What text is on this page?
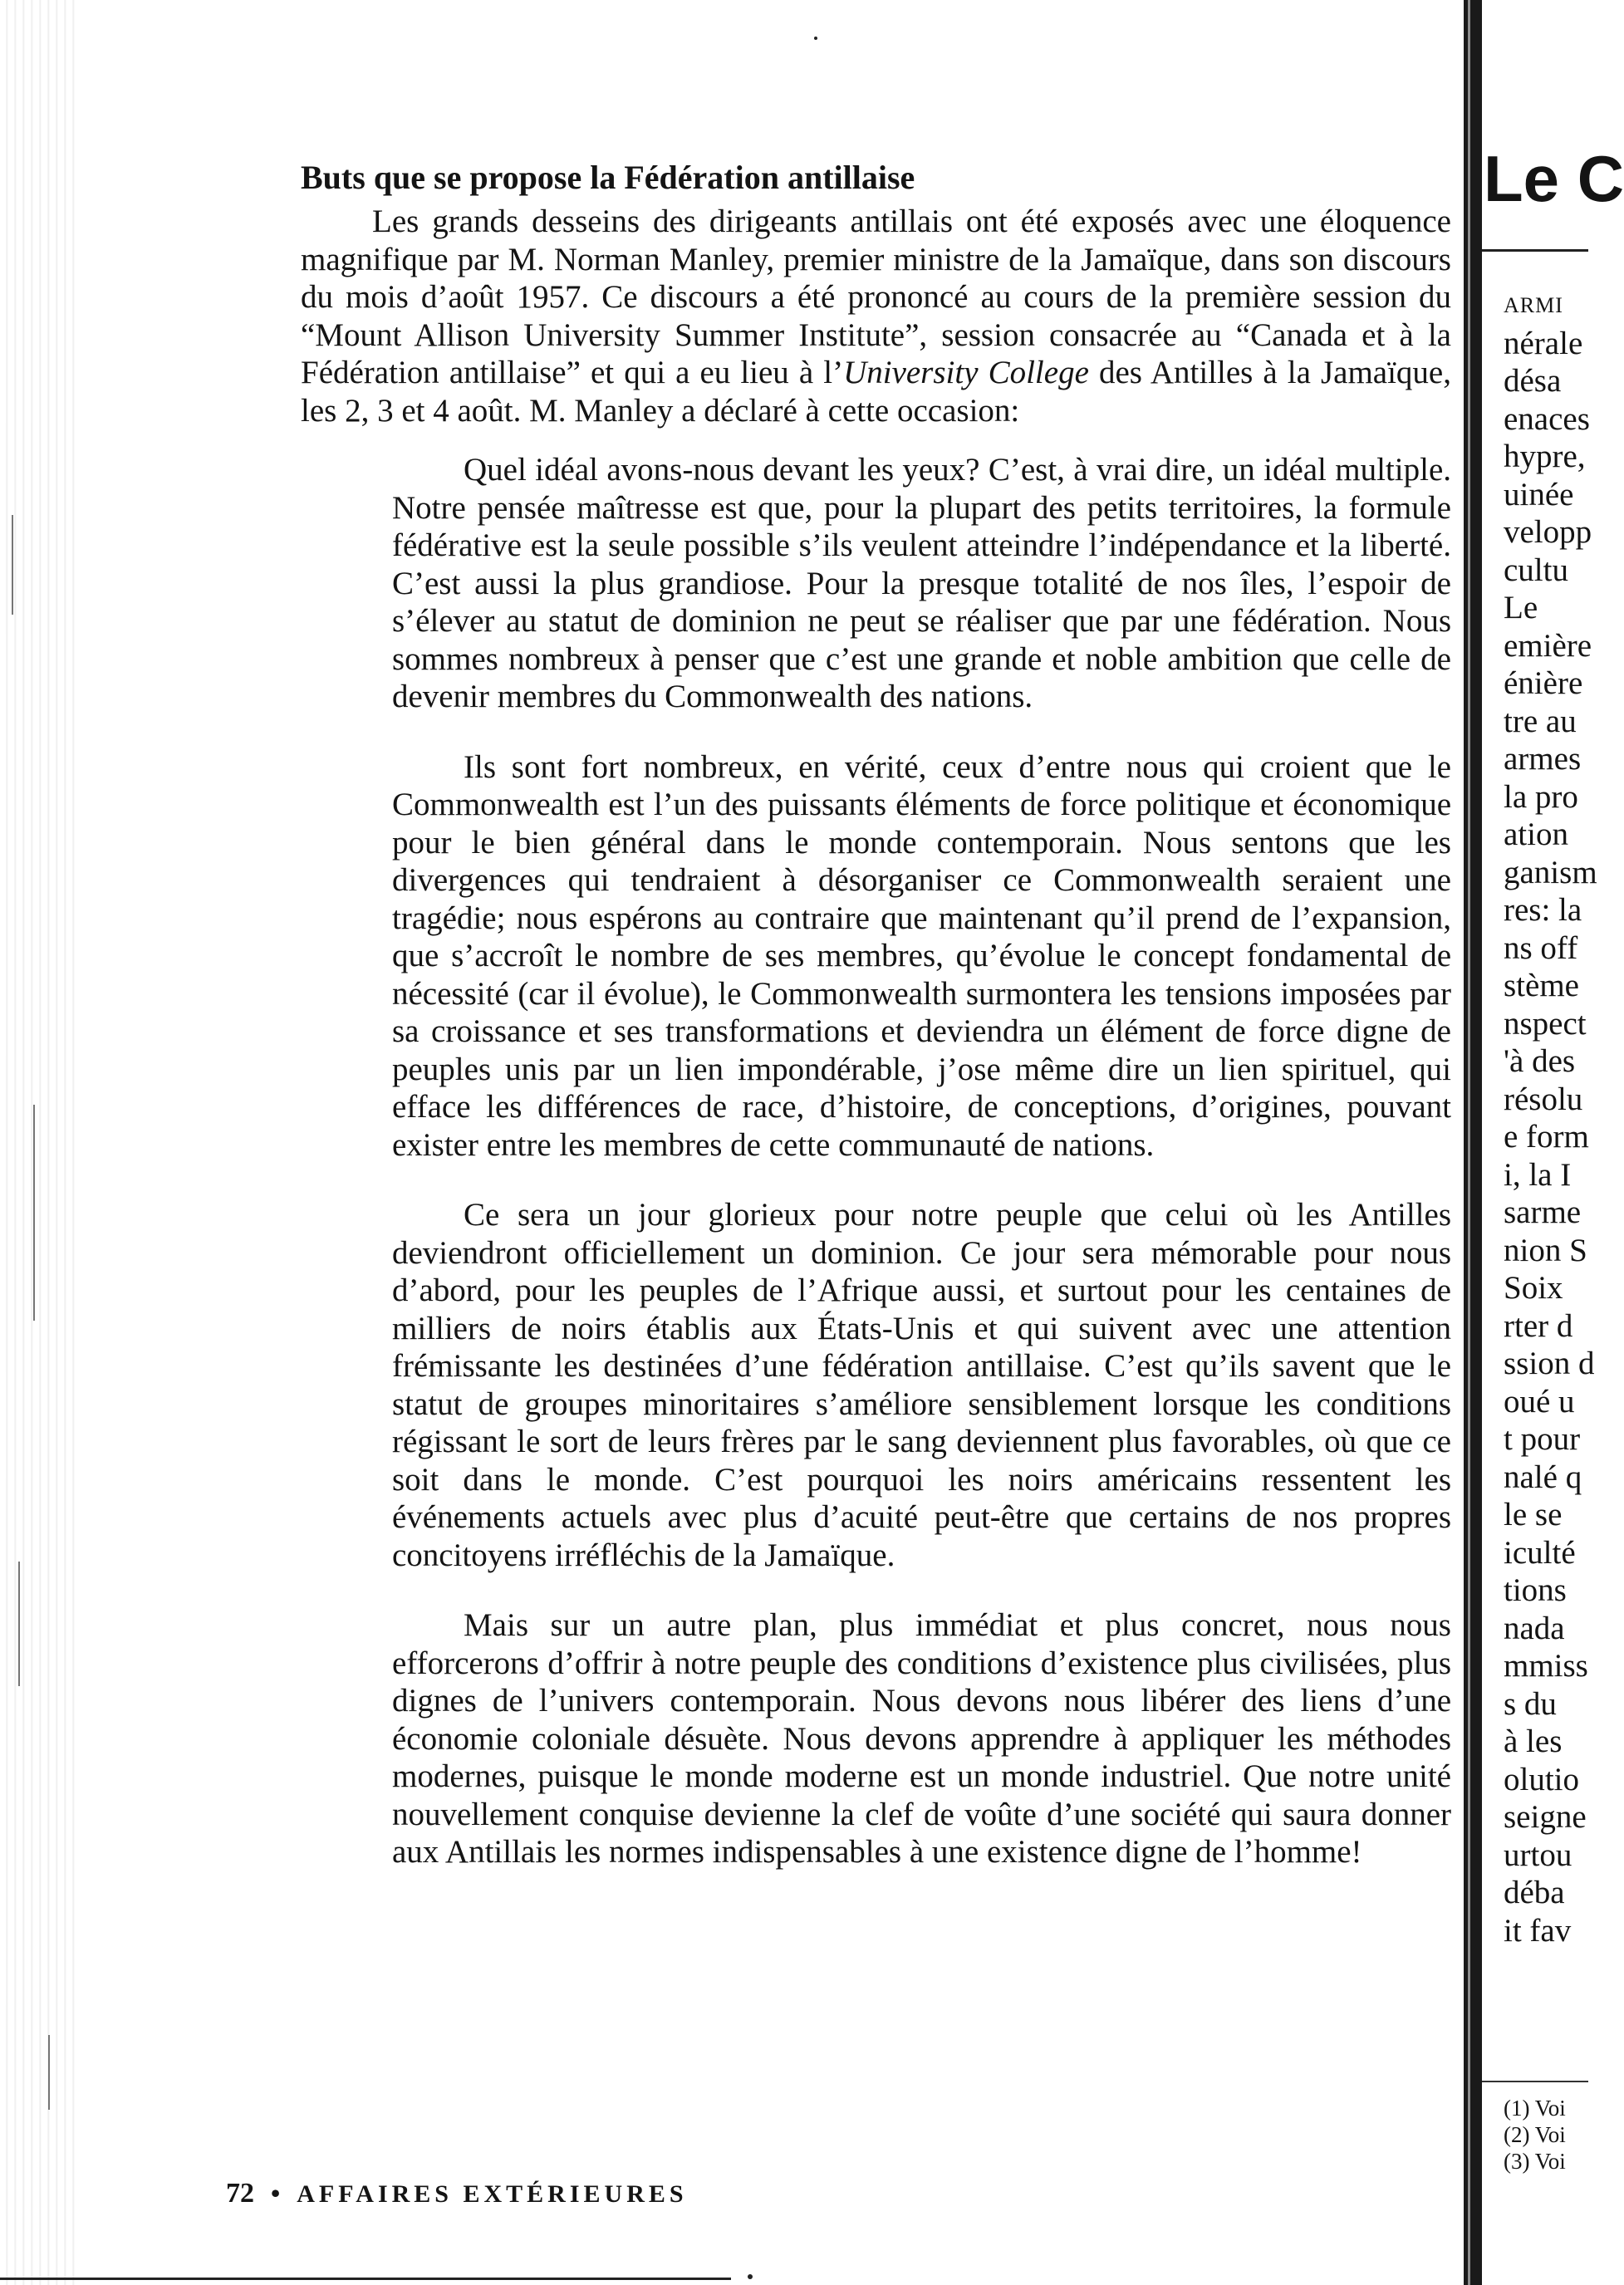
Buts que se propose la Fédération antillaise

Les grands desseins des dirigeants antillais ont été exposés avec une éloquence magnifique par M. Norman Manley, premier ministre de la Jamaïque, dans son discours du mois d’août 1957. Ce discours a été prononcé au cours de la première session du “Mount Allison University Summer Institute”, session consacrée au “Canada et à la Fédération antillaise” et qui a eu lieu à l’University College des Antilles à la Jamaïque, les 2, 3 et 4 août. M. Manley a déclaré à cette occasion:

Quel idéal avons-nous devant les yeux? C’est, à vrai dire, un idéal multiple. Notre pensée maîtresse est que, pour la plupart des petits territoires, la formule fédérative est la seule possible s’ils veulent atteindre l’indépendance et la liberté. C’est aussi la plus grandiose. Pour la presque totalité de nos îles, l’espoir de s’élever au statut de dominion ne peut se réaliser que par une fédération. Nous sommes nombreux à penser que c’est une grande et noble ambition que celle de devenir membres du Commonwealth des nations.

Ils sont fort nombreux, en vérité, ceux d’entre nous qui croient que le Commonwealth est l’un des puissants éléments de force politique et économique pour le bien général dans le monde contemporain. Nous sentons que les divergences qui tendraient à désorganiser ce Commonwealth seraient une tragédie; nous espérons au contraire que maintenant qu’il prend de l’expansion, que s’accroît le nombre de ses membres, qu’évolue le concept fondamental de nécessité (car il évolue), le Commonwealth surmontera les tensions imposées par sa croissance et ses transformations et deviendra un élément de force digne de peuples unis par un lien impondérable, j’ose même dire un lien spirituel, qui efface les différences de race, d’histoire, de conceptions, d’origines, pouvant exister entre les membres de cette communauté de nations.

Ce sera un jour glorieux pour notre peuple que celui où les Antilles deviendront officiellement un dominion. Ce jour sera mémorable pour nous d’abord, pour les peuples de l’Afrique aussi, et surtout pour les centaines de milliers de noirs établis aux États-Unis et qui suivent avec une attention frémissante les destinées d’une fédération antillaise. C’est qu’ils savent que le statut de groupes minoritaires s’améliore sensiblement lorsque les conditions régissant le sort de leurs frères par le sang deviennent plus favorables, où que ce soit dans le monde. C’est pourquoi les noirs américains ressentent les événements actuels avec plus d’acuité peut-être que certains de nos propres concitoyens irréfléchis de la Jamaïque.

Mais sur un autre plan, plus immédiat et plus concret, nous nous efforcerons d’offrir à notre peuple des conditions d’existence plus civilisées, plus dignes de l’univers contemporain. Nous devons nous libérer des liens d’une économie coloniale désuète. Nous devons apprendre à appliquer les méthodes modernes, puisque le monde moderne est un monde industriel. Que notre unité nouvellement conquise devienne la clef de voûte d’une société qui saura donner aux Antillais les normes indispensables à une existence digne de l’homme!

Le C
ARMI
nérale
désa
enaces
hypre,
uinée
velopp
cultu
Le
emière
énière
tre au
armes
la pro
ation
ganism
res: la
ns off
stème
nspect
'à des
résolu
e form
i, la I
sarme
nion S
Soix
rter d
ssion d
oué u
t pour
nalé q
le se
iculté
tions
nada
mmiss
s du
à les
olutio
seigne
urtou
déba
it fav
(1) Voi
(2) Voi
(3) Voi
72 • AFFAIRES EXTÉRIEURES
